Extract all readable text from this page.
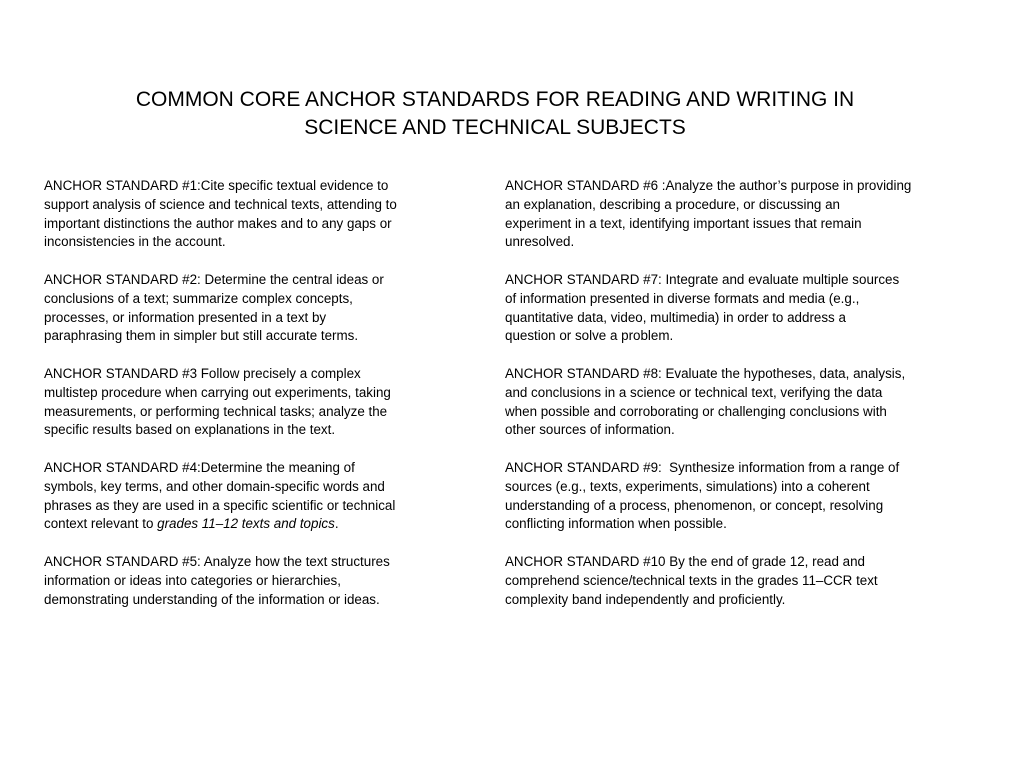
COMMON CORE ANCHOR STANDARDS FOR READING AND WRITING IN
SCIENCE AND TECHNICAL SUBJECTS

ANCHOR STANDARD #1:Cite specific textual evidence to
support analysis of science and technical texts, attending to
important distinctions the author makes and to any gaps or
inconsistencies in the account.

ANCHOR STANDARD #2: Determine the central ideas or
conclusions of a text; summarize complex concepts,
processes, or information presented in a text by
paraphrasing them in simpler but still accurate terms.

ANCHOR STANDARD #3 Follow precisely a complex
multistep procedure when carrying out experiments, taking
measurements, or performing technical tasks; analyze the
specific results based on explanations in the text.

ANCHOR STANDARD #4:Determine the meaning of
symbols, key terms, and other domain-specific words and
phrases as they are used in a specific scientific or technical
context relevant to grades 11–12 texts and topics.

ANCHOR STANDARD #5: Analyze how the text structures
information or ideas into categories or hierarchies,
demonstrating understanding of the information or ideas.

ANCHOR STANDARD #6 :Analyze the author’s purpose in providing
an explanation, describing a procedure, or discussing an
experiment in a text, identifying important issues that remain
unresolved.

ANCHOR STANDARD #7: Integrate and evaluate multiple sources
of information presented in diverse formats and media (e.g.,
quantitative data, video, multimedia) in order to address a
question or solve a problem.

ANCHOR STANDARD #8: Evaluate the hypotheses, data, analysis,
and conclusions in a science or technical text, verifying the data
when possible and corroborating or challenging conclusions with
other sources of information.

ANCHOR STANDARD #9:  Synthesize information from a range of
sources (e.g., texts, experiments, simulations) into a coherent
understanding of a process, phenomenon, or concept, resolving
conflicting information when possible.

ANCHOR STANDARD #10 By the end of grade 12, read and
comprehend science/technical texts in the grades 11–CCR text
complexity band independently and proficiently.
